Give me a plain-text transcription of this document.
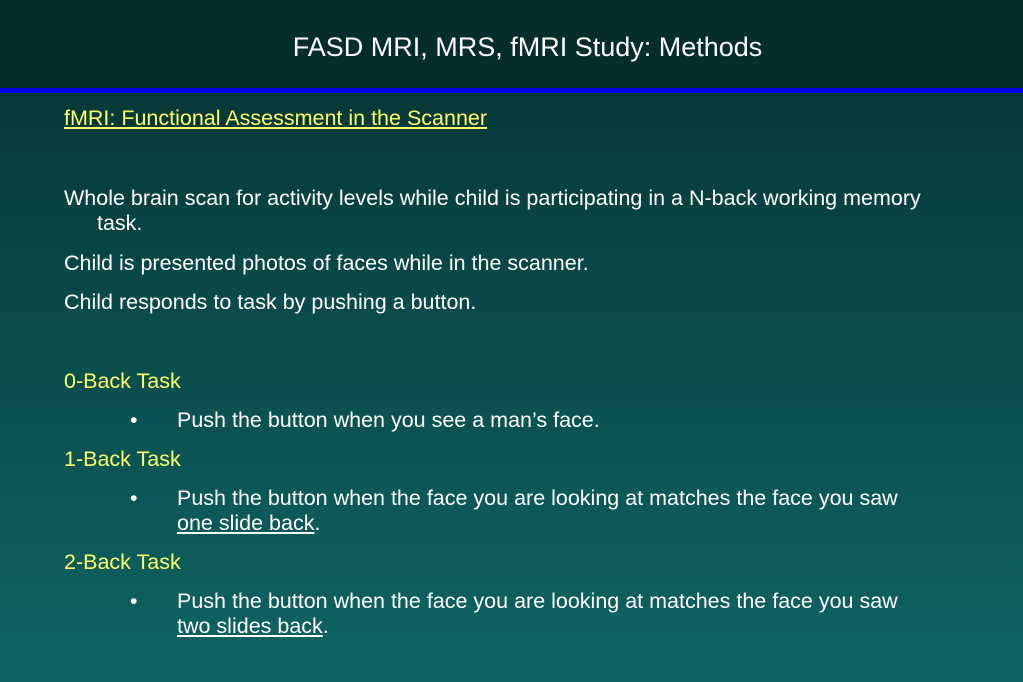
FASD MRI, MRS, fMRI Study: Methods

fMRI: Functional Assessment in the Scanner

Whole brain scan for activity levels while child is participating in a N-back working memory task.

Child is presented photos of faces while in the scanner.

Child responds to task by pushing a button.

0-Back Task

• Push the button when you see a man’s face.

1-Back Task

• Push the button when the face you are looking at matches the face you saw one slide back.

2-Back Task

• Push the button when the face you are looking at matches the face you saw two slides back.
